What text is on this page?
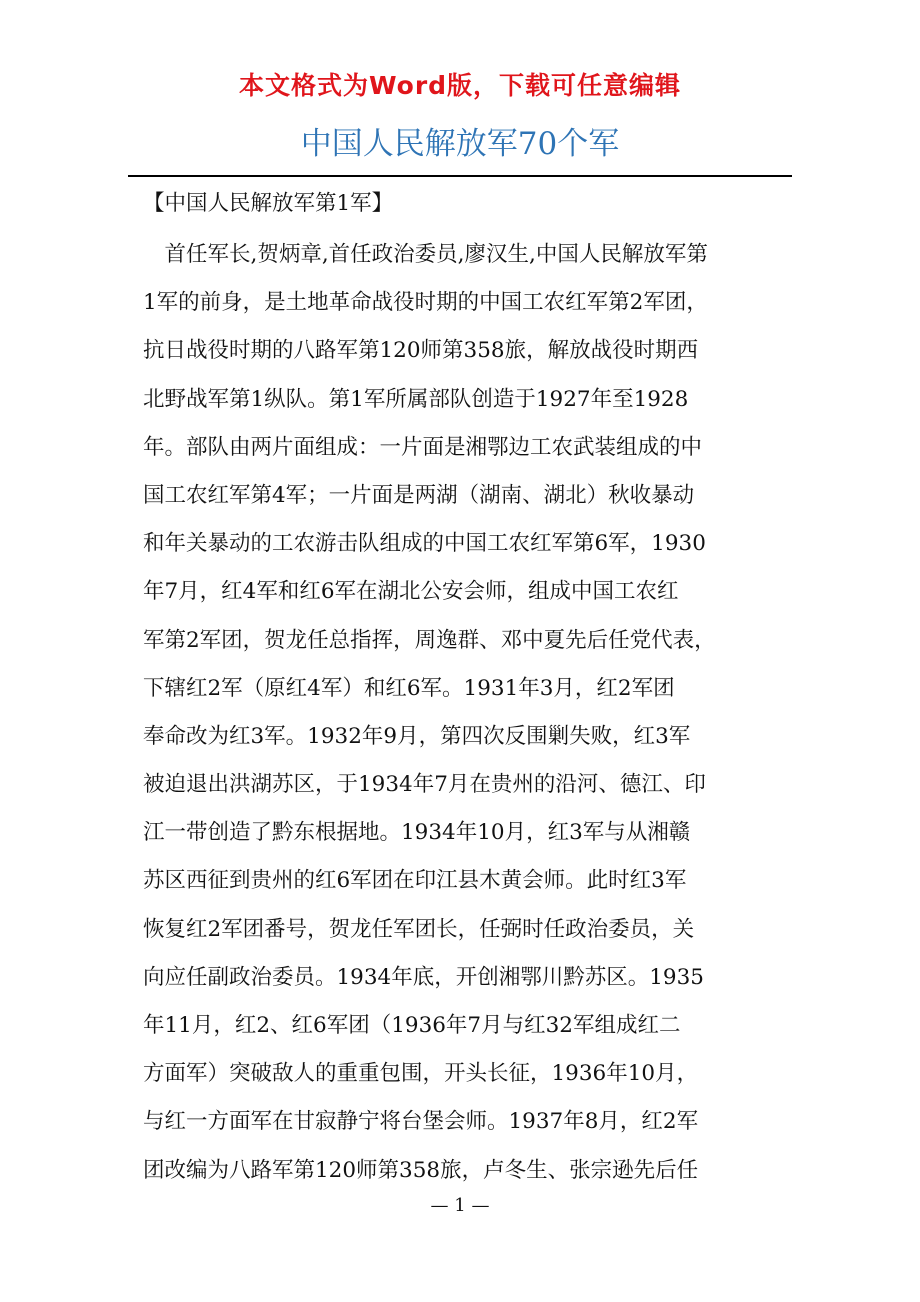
本文格式为Word版，下载可任意编辑
中国人民解放军70个军
【中国人民解放军第1军】
　首任军长,贺炳章,首任政治委员,廖汉生,中国人民解放军第
1军的前身，是土地革命战役时期的中国工农红军第2军团，
抗日战役时期的八路军第120师第358旅，解放战役时期西
北野战军第1纵队。第1军所属部队创造于1927年至1928
年。部队由两片面组成：一片面是湘鄂边工农武装组成的中
国工农红军第4军；一片面是两湖（湖南、湖北）秋收暴动
和年关暴动的工农游击队组成的中国工农红军第6军，1930
年7月，红4军和红6军在湖北公安会师，组成中国工农红
军第2军团，贺龙任总指挥，周逸群、邓中夏先后任党代表，
下辖红2军（原红4军）和红6军。1931年3月，红2军团
奉命改为红3军。1932年9月，第四次反围剿失败，红3军
被迫退出洪湖苏区，于1934年7月在贵州的沿河、德江、印
江一带创造了黔东根据地。1934年10月，红3军与从湘赣
苏区西征到贵州的红6军团在印江县木黄会师。此时红3军
恢复红2军团番号，贺龙任军团长，任弼时任政治委员，关
向应任副政治委员。1934年底，开创湘鄂川黔苏区。1935
年11月，红2、红6军团（1936年7月与红32军组成红二
方面军）突破敌人的重重包围，开头长征，1936年10月，
与红一方面军在甘寂静宁将台堡会师。1937年8月，红2军
团改编为八路军第120师第358旅，卢冬生、张宗逊先后任
— 1 —
